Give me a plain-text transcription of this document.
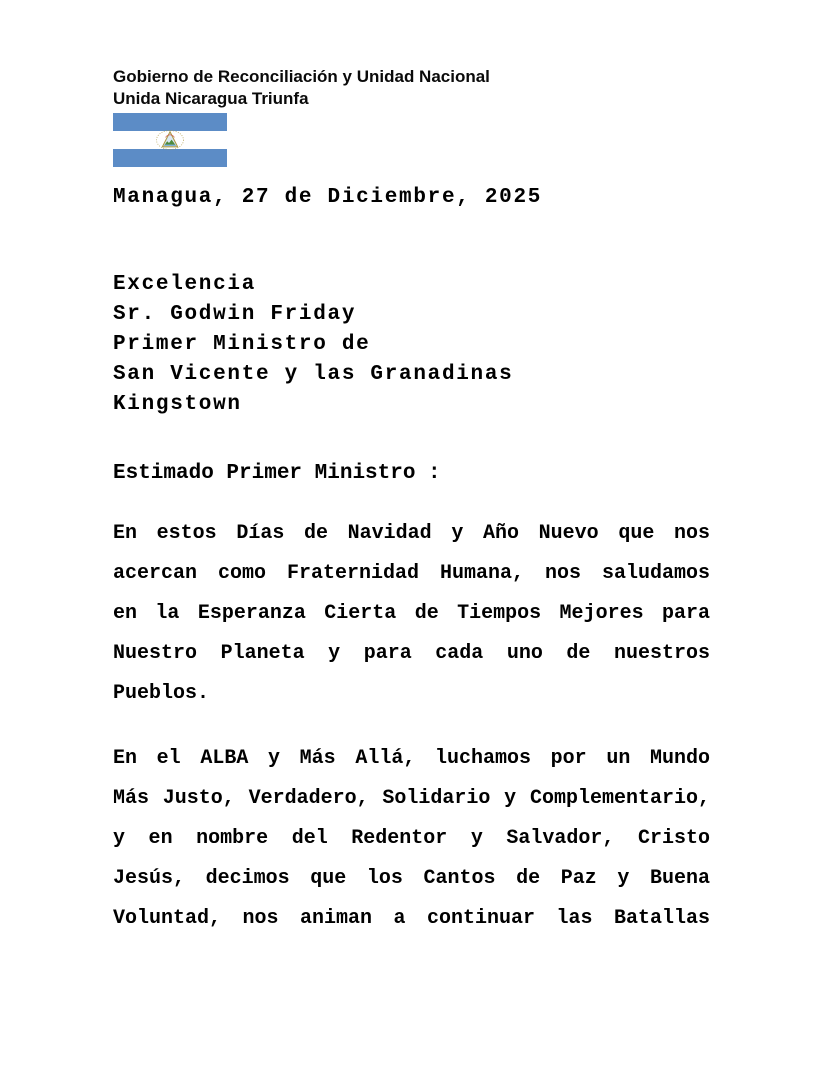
Gobierno de Reconciliación y Unidad Nacional
Unida Nicaragua Triunfa
Managua, 27 de Diciembre, 2025
Excelencia
Sr. Godwin Friday
Primer Ministro de
San Vicente y las Granadinas
Kingstown
Estimado Primer Ministro :
En estos Días de Navidad y Año Nuevo que nos
acercan como Fraternidad Humana, nos saludamos
en la Esperanza Cierta de Tiempos Mejores para
Nuestro Planeta y para cada uno de nuestros
Pueblos.
En el ALBA y Más Allá, luchamos por un Mundo
Más Justo, Verdadero, Solidario y Complementario,
y en nombre del Redentor y Salvador, Cristo
Jesús, decimos que los Cantos de Paz y Buena
Voluntad, nos animan a continuar las Batallas
